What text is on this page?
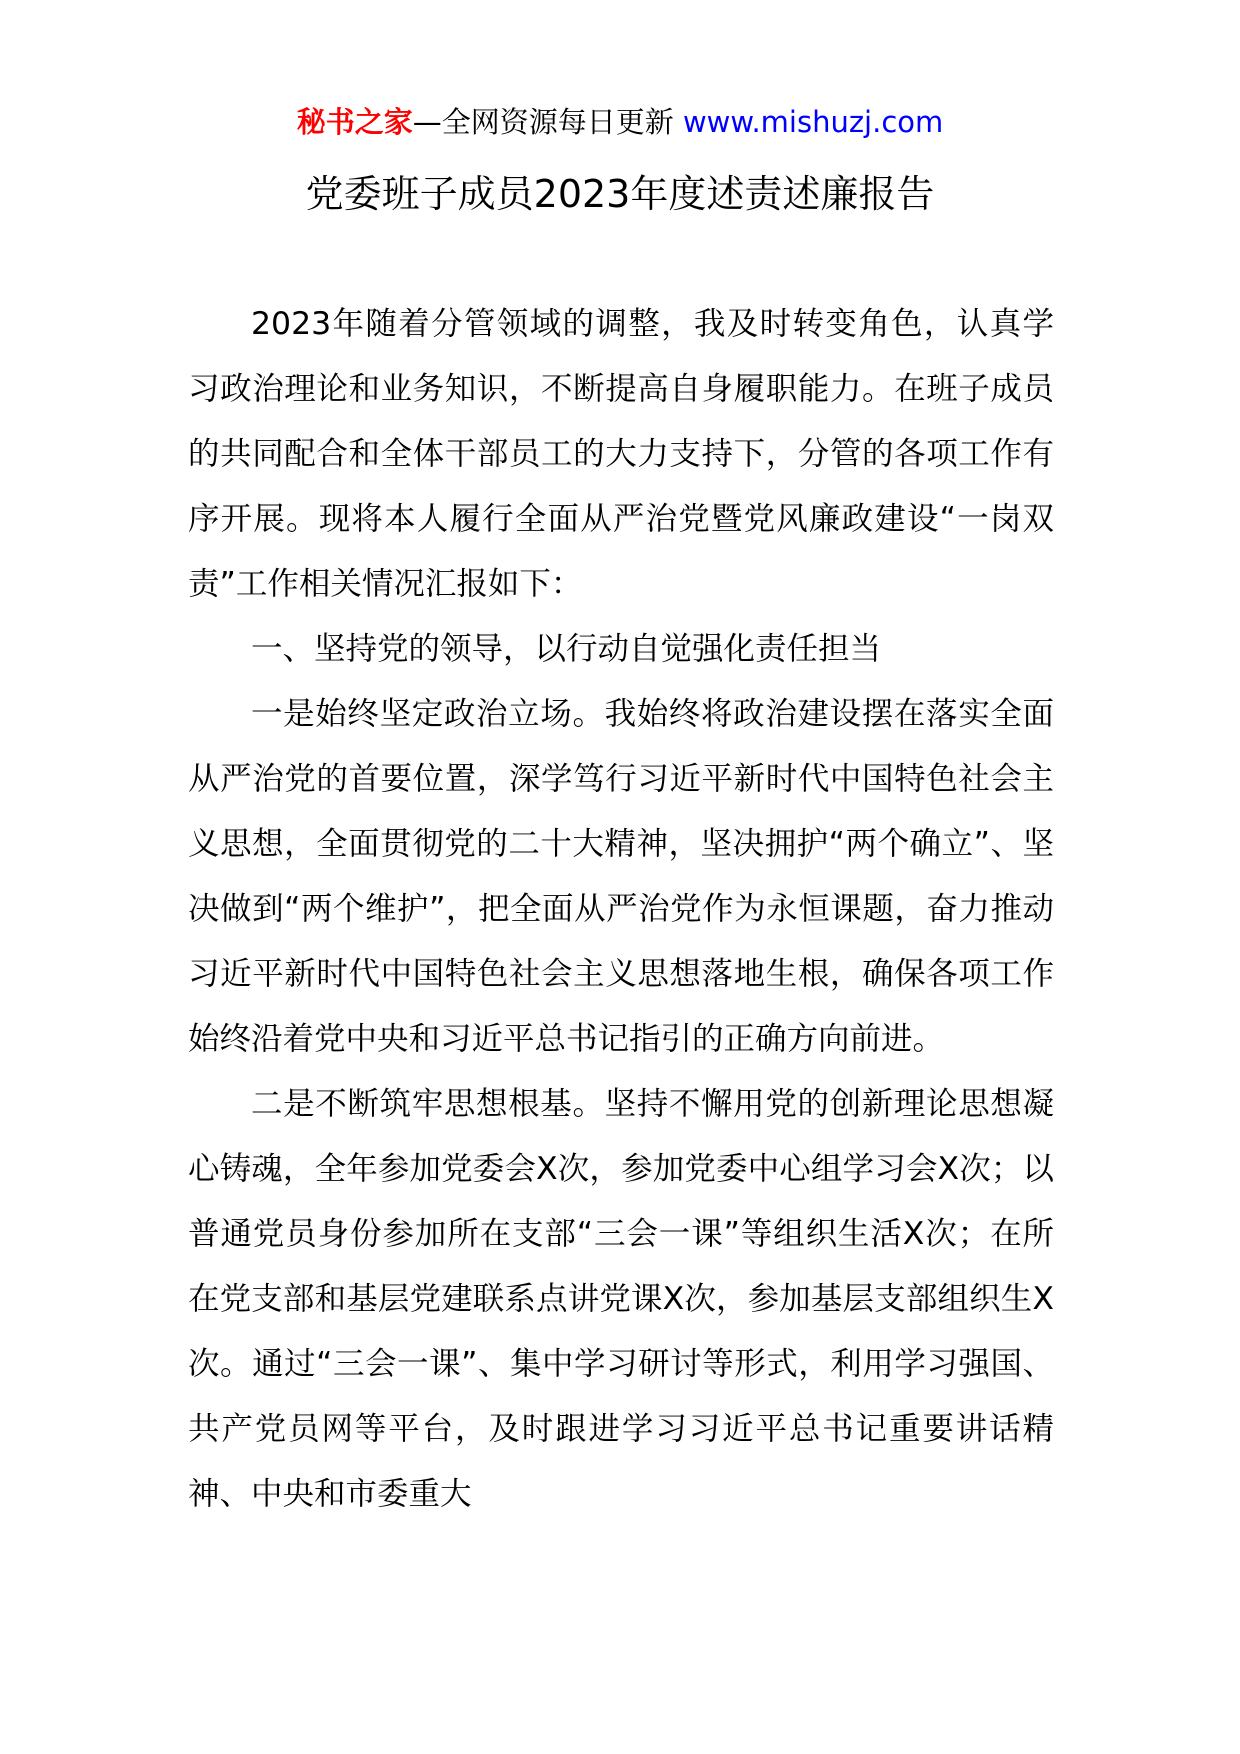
秘书之家—全网资源每日更新 www.mishuzj.com
党委班子成员2023年度述责述廉报告

2023年随着分管领域的调整，我及时转变角色，认真学习政治理论和业务知识，不断提高自身履职能力。在班子成员的共同配合和全体干部员工的大力支持下，分管的各项工作有序开展。现将本人履行全面从严治党暨党风廉政建设“一岗双责”工作相关情况汇报如下：

一、坚持党的领导，以行动自觉强化责任担当

一是始终坚定政治立场。我始终将政治建设摆在落实全面从严治党的首要位置，深学笃行习近平新时代中国特色社会主义思想，全面贯彻党的二十大精神，坚决拥护“两个确立”、坚决做到“两个维护”，把全面从严治党作为永恒课题，奋力推动习近平新时代中国特色社会主义思想落地生根，确保各项工作始终沿着党中央和习近平总书记指引的正确方向前进。

二是不断筑牢思想根基。坚持不懈用党的创新理论思想凝心铸魂，全年参加党委会X次，参加党委中心组学习会X次；以普通党员身份参加所在支部“三会一课”等组织生活X次；在所在党支部和基层党建联系点讲党课X次，参加基层支部组织生X次。通过“三会一课”、集中学习研讨等形式，利用学习强国、共产党员网等平台，及时跟进学习习近平总书记重要讲话精神、中央和市委重大
